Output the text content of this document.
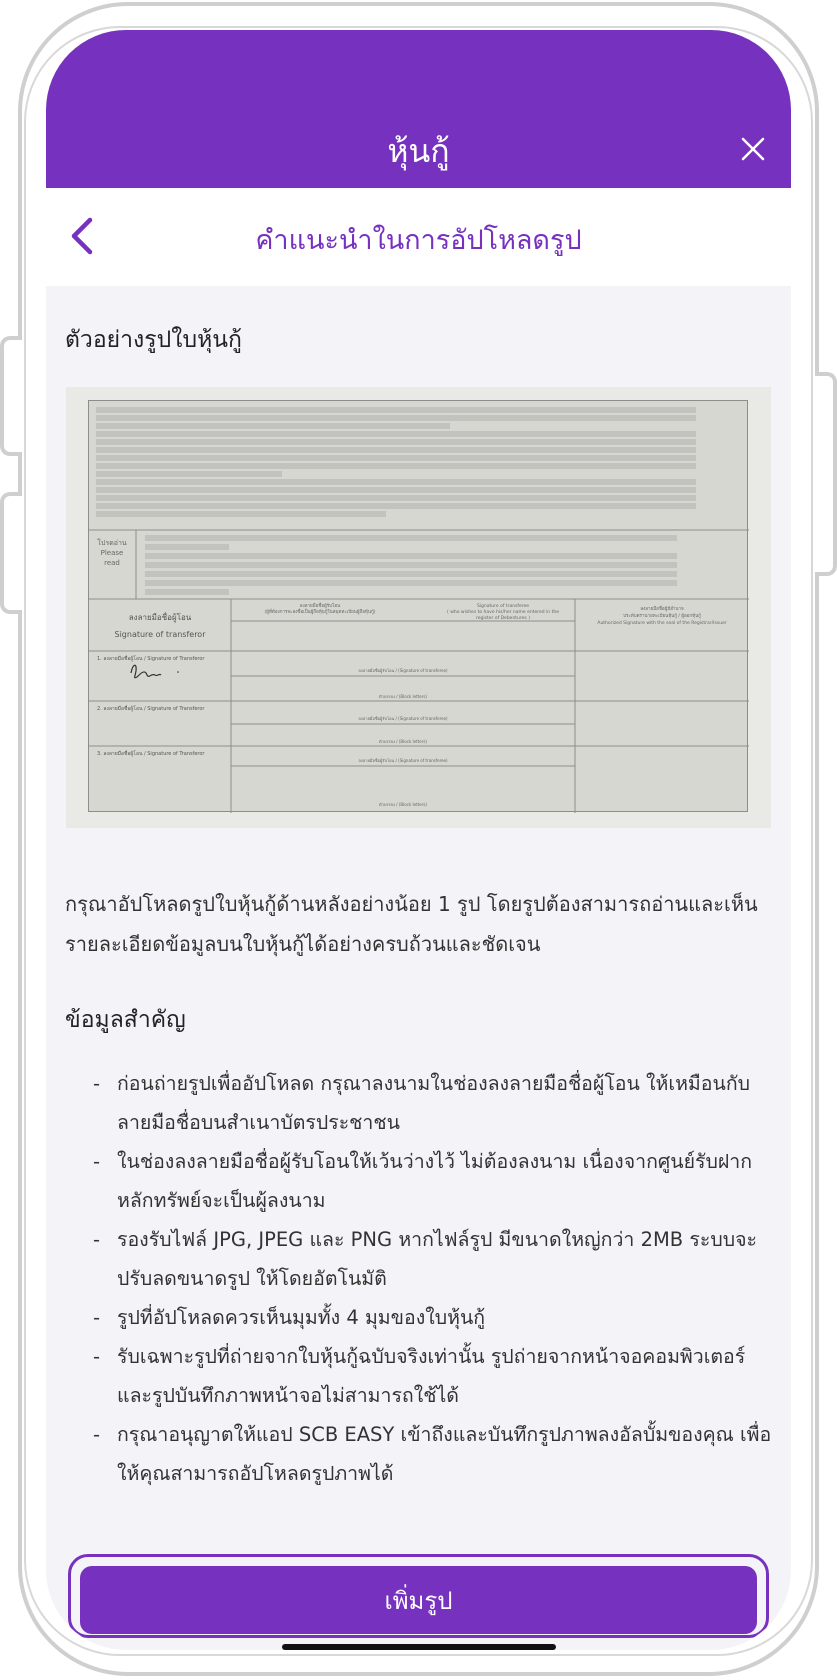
หุ้นกู้
คำแนะนำในการอัปโหลดรูป
ตัวอย่างรูปใบหุ้นกู้
โปรดอ่าน
Please
read
ลงลายมือชื่อผู้โอน
Signature of transferor
ลงลายมือชื่อผู้รับโอน
(ผู้ที่ต้องการจะลงชื่อเป็นผู้ถือหุ้นกู้ในสมุดทะเบียนผู้ถือหุ้นกู้)
Signature of transferee
( who wishes to have his/her name entered in the register of Debentures )
ลงลายมือชื่อผู้มีอำนาจ
ประทับตรานายทะเบียนหุ้นกู้ / ผู้ออกหุ้นกู้
Authorized Signature with the seal of the Registrar/Issuer
1. ลงลายมือชื่อผู้โอน / Signature of Transferor
2. ลงลายมือชื่อผู้โอน / Signature of Transferor
3. ลงลายมือชื่อผู้โอน / Signature of Transferor
ลงลายมือชื่อผู้รับโอน / (Signature of transferee)
ตัวบรรจง / (Block letters)
ลงลายมือชื่อผู้รับโอน / (Signature of transferee)
ตัวบรรจง / (Block letters)
ลงลายมือชื่อผู้รับโอน / (Signature of transferee)
ตัวบรรจง / (Block letters)
กรุณาอัปโหลดรูปใบหุ้นกู้ด้านหลังอย่างน้อย 1 รูป โดยรูปต้องสามารถอ่านและเห็นรายละเอียดข้อมูลบนใบหุ้นกู้ได้อย่างครบถ้วนและชัดเจน
ข้อมูลสำคัญ
- ก่อนถ่ายรูปเพื่ออัปโหลด กรุณาลงนามในช่องลงลายมือชื่อผู้โอน ให้เหมือนกับลายมือชื่อบนสำเนาบัตรประชาชน
- ในช่องลงลายมือชื่อผู้รับโอนให้เว้นว่างไว้ ไม่ต้องลงนาม เนื่องจากศูนย์รับฝากหลักทรัพย์จะเป็นผู้ลงนาม
- รองรับไฟล์ JPG, JPEG และ PNG หากไฟล์รูป มีขนาดใหญ่กว่า 2MB ระบบจะปรับลดขนาดรูป ให้โดยอัตโนมัติ
- รูปที่อัปโหลดควรเห็นมุมทั้ง 4 มุมของใบหุ้นกู้
- รับเฉพาะรูปที่ถ่ายจากใบหุ้นกู้ฉบับจริงเท่านั้น รูปถ่ายจากหน้าจอคอมพิวเตอร์และรูปบันทึกภาพหน้าจอไม่สามารถใช้ได้
- กรุณาอนุญาตให้แอป SCB EASY เข้าถึงและบันทึกรูปภาพลงอัลบั้มของคุณ เพื่อให้คุณสามารถอัปโหลดรูปภาพได้
เพิ่มรูป
